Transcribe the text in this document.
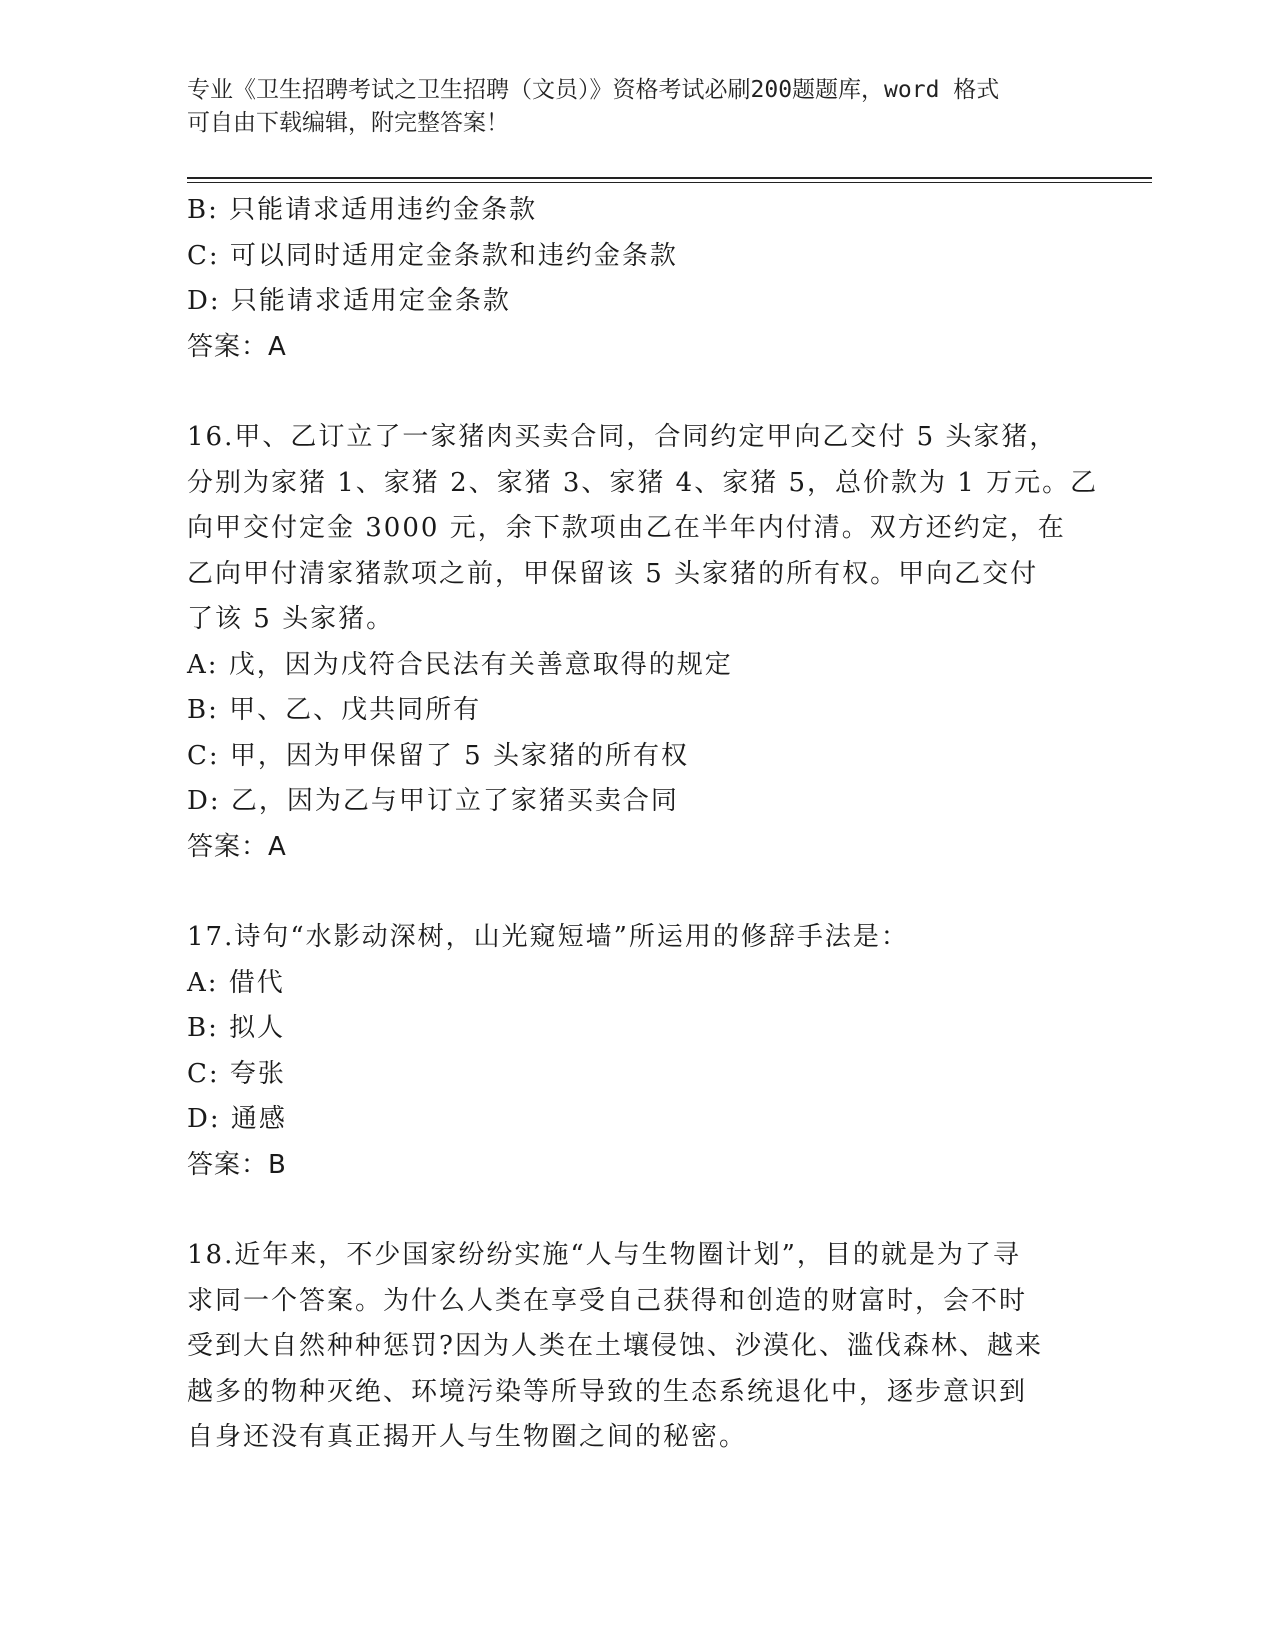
专业《卫生招聘考试之卫生招聘（文员）》资格考试必刷200题题库，word 格式
可自由下载编辑，附完整答案！
B: 只能请求适用违约金条款
C: 可以同时适用定金条款和违约金条款
D: 只能请求适用定金条款
答案：A
16.甲、乙订立了一家猪肉买卖合同，合同约定甲向乙交付 5 头家猪，
分别为家猪 1、家猪 2、家猪 3、家猪 4、家猪 5，总价款为 1 万元。乙
向甲交付定金 3000 元，余下款项由乙在半年内付清。双方还约定，在
乙向甲付清家猪款项之前，甲保留该 5 头家猪的所有权。甲向乙交付
了该 5 头家猪。
A: 戊，因为戊符合民法有关善意取得的规定
B: 甲、乙、戊共同所有
C: 甲，因为甲保留了 5 头家猪的所有权
D: 乙，因为乙与甲订立了家猪买卖合同
答案：A
17.诗句“水影动深树，山光窥短墙”所运用的修辞手法是：
A: 借代
B: 拟人
C: 夸张
D: 通感
答案：B
18.近年来，不少国家纷纷实施“人与生物圈计划”，目的就是为了寻
求同一个答案。为什么人类在享受自己获得和创造的财富时，会不时
受到大自然种种惩罚?因为人类在土壤侵蚀、沙漠化、滥伐森林、越来
越多的物种灭绝、环境污染等所导致的生态系统退化中，逐步意识到
自身还没有真正揭开人与生物圈之间的秘密。
